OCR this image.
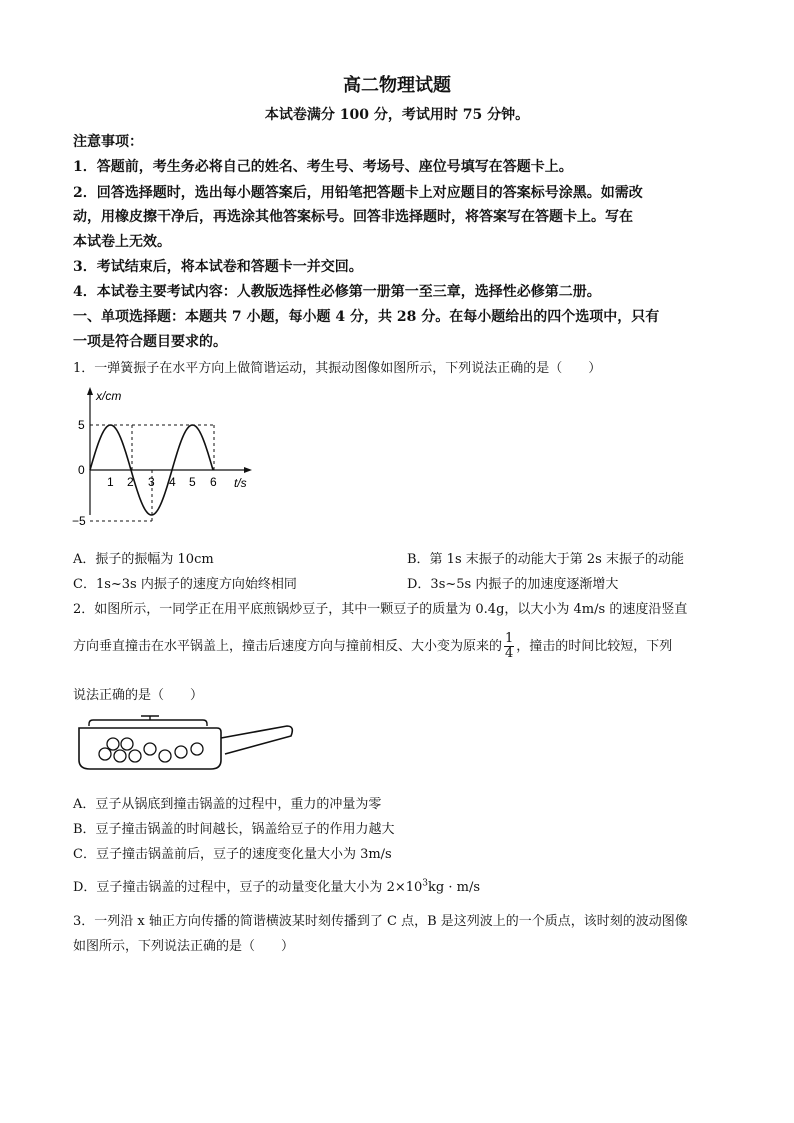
高二物理试题
本试卷满分 100 分，考试用时 75 分钟。
注意事项：
1．答题前，考生务必将自己的姓名、考生号、考场号、座位号填写在答题卡上。
2．回答选择题时，选出每小题答案后，用铅笔把答题卡上对应题目的答案标号涂黑。如需改
动，用橡皮擦干净后，再选涂其他答案标号。回答非选择题时，将答案写在答题卡上。写在
本试卷上无效。
3．考试结束后，将本试卷和答题卡一并交回。
4．本试卷主要考试内容：人教版选择性必修第一册第一至三章，选择性必修第二册。
一、单项选择题：本题共 7 小题，每小题 4 分，共 28 分。在每小题给出的四个选项中，只有
一项是符合题目要求的。
1．一弹簧振子在水平方向上做简谐运动，其振动图像如图所示，下列说法正确的是（　　）
x/cm
t/s
5
0
−5
1 2 3 4 5 6
A．振子的振幅为 10cm	B．第 1s 末振子的动能大于第 2s 末振子的动能
C．1s~3s 内振子的速度方向始终相同	D．3s~5s 内振子的加速度逐渐增大
2．如图所示，一同学正在用平底煎锅炒豆子，其中一颗豆子的质量为 0.4g，以大小为 4m/s 的速度沿竖直
方向垂直撞击在水平锅盖上，撞击后速度方向与撞前相反、大小变为原来的 $\frac{1}{4}$ ，撞击的时间比较短，下列
说法正确的是（　　）
A．豆子从锅底到撞击锅盖的过程中，重力的冲量为零
B．豆子撞击锅盖的时间越长，锅盖给豆子的作用力越大
C．豆子撞击锅盖前后，豆子的速度变化量大小为 3m/s
D．豆子撞击锅盖的过程中，豆子的动量变化量大小为 $2\times 10^3kg \cdot m/s$
3．一列沿 x 轴正方向传播的简谐横波某时刻传播到了 C 点，B 是这列波上的一个质点，该时刻的波动图像
如图所示，下列说法正确的是（　　）
